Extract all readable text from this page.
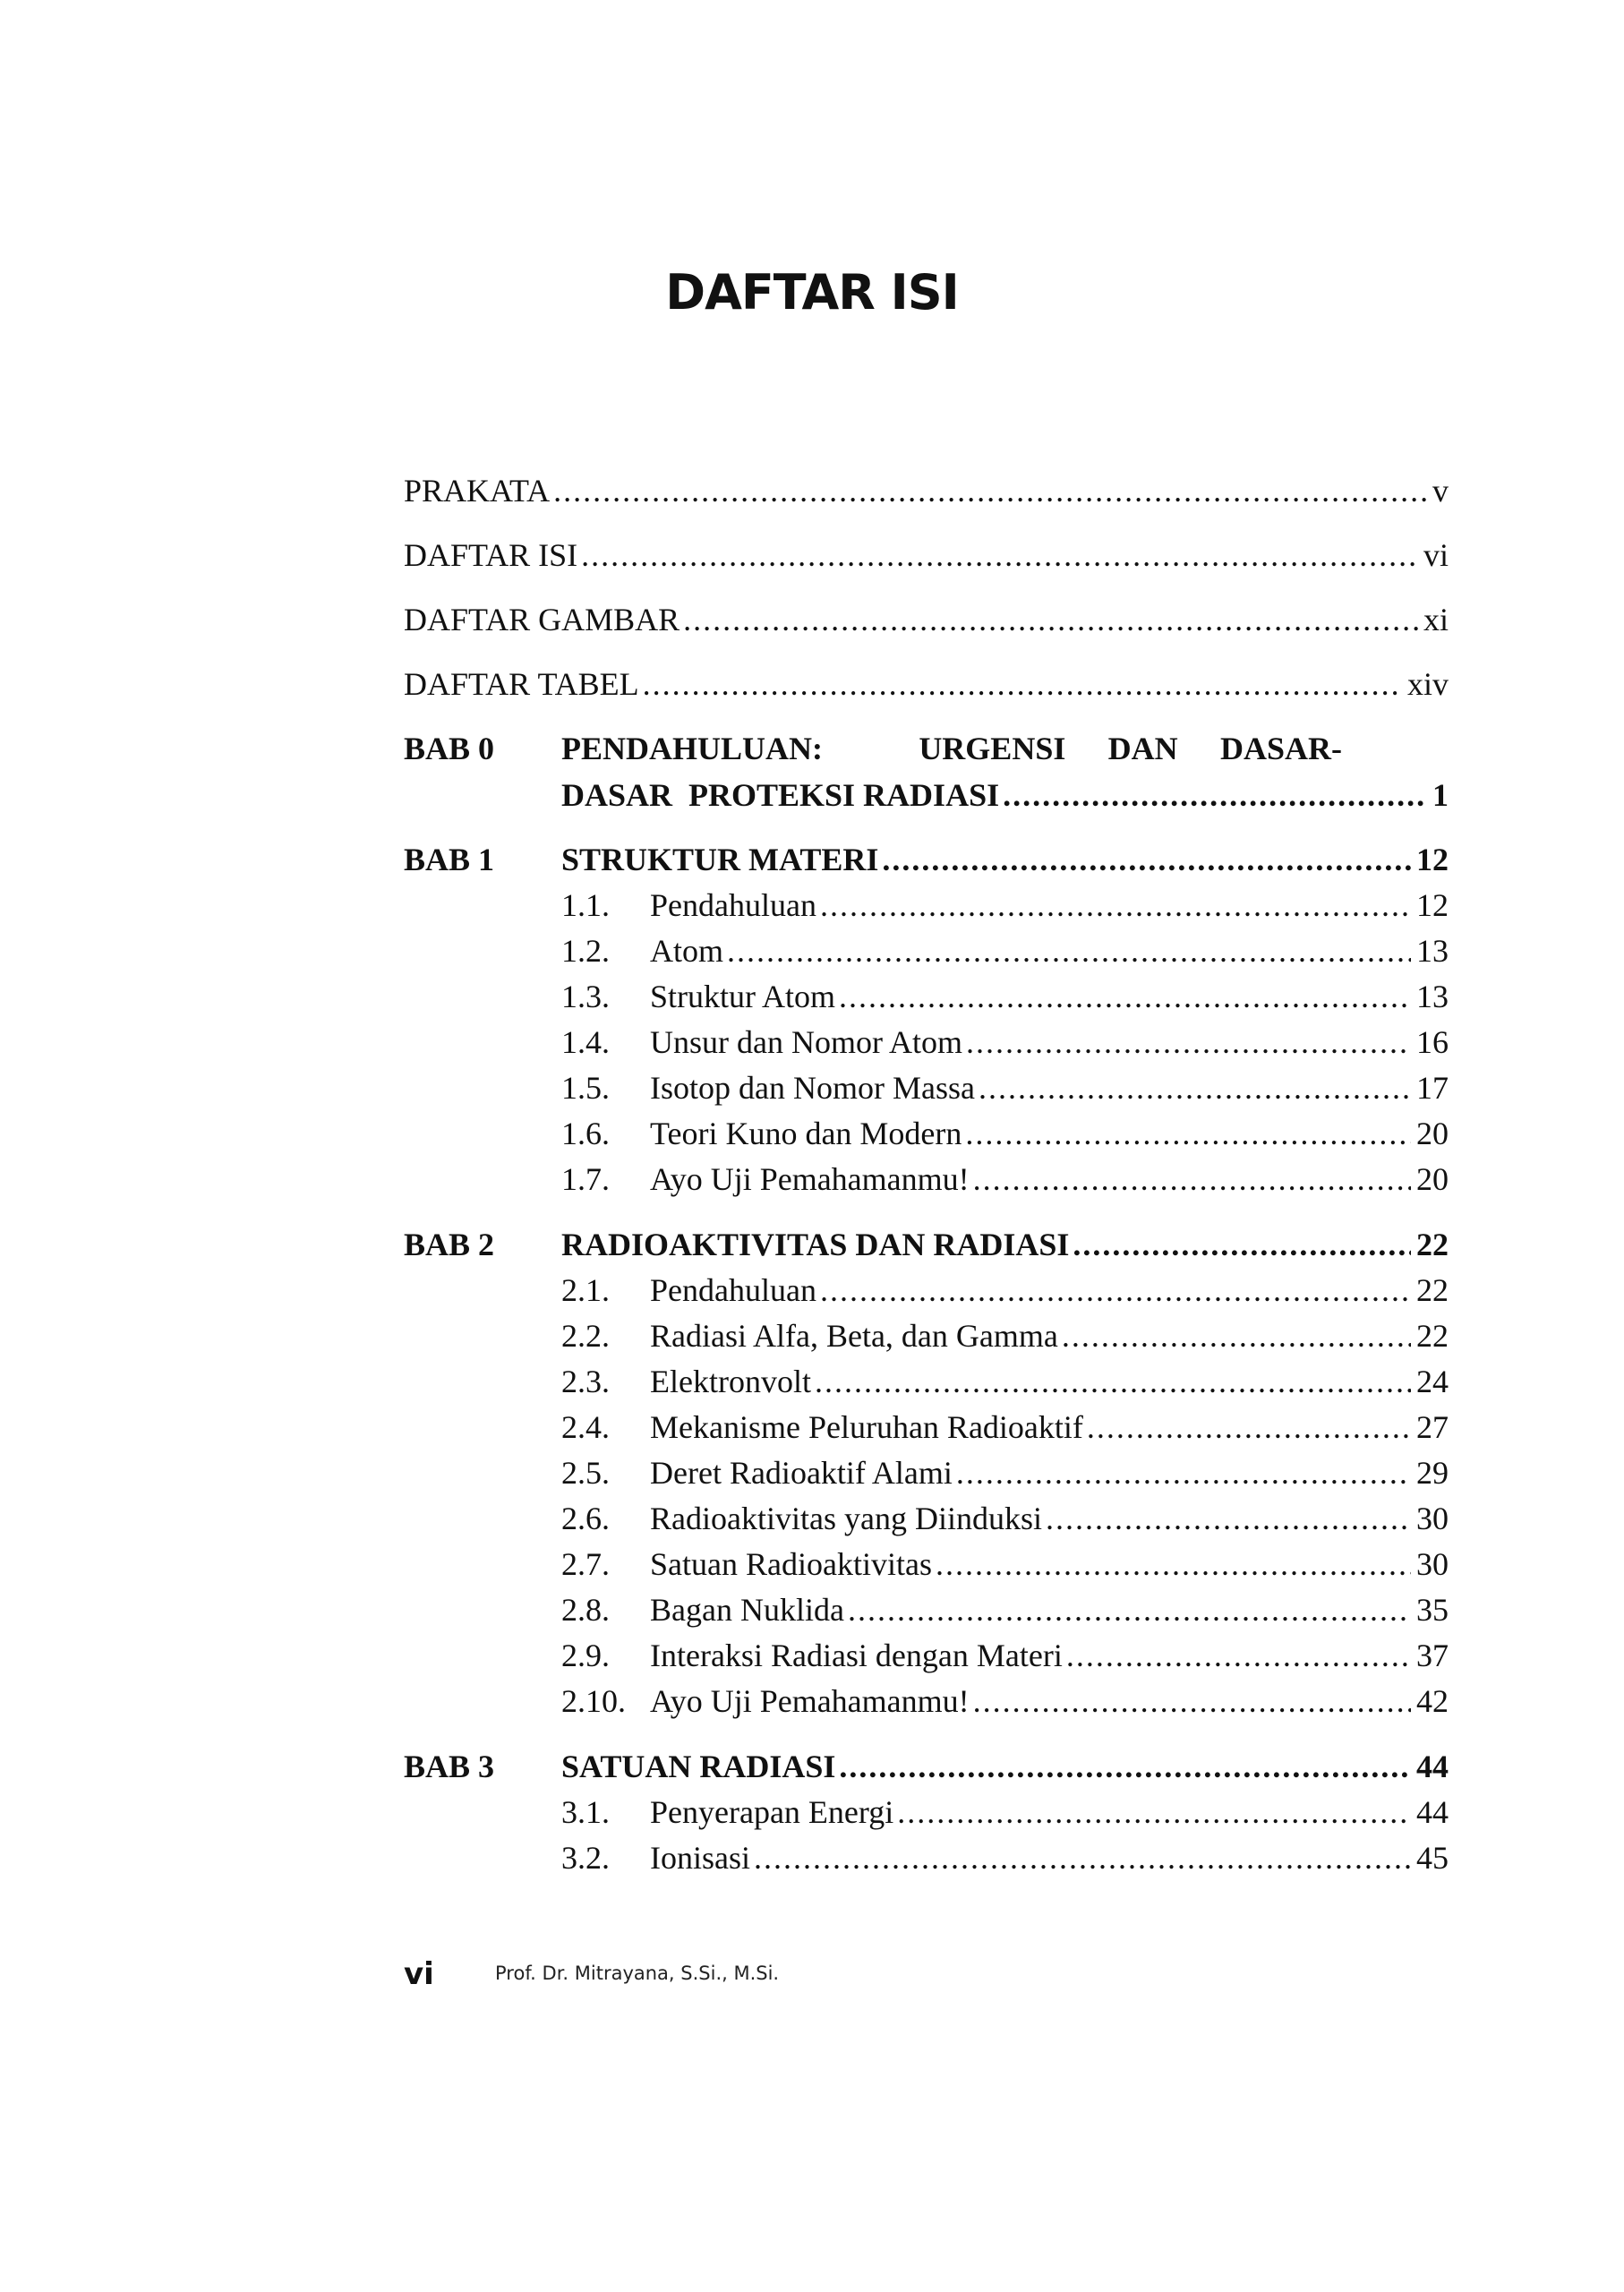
DAFTAR ISI
PRAKATA .....	v
DAFTAR ISI .....	vi
DAFTAR GAMBAR .....	xi
DAFTAR TABEL .....	xiv
BAB 0 PENDAHULUAN:	URGENSI DAN DASAR-
DASAR  PROTEKSI RADIASI .....	1
BAB 1 STRUKTUR MATERI .....	12
1.1. Pendahuluan .....	12
1.2. Atom .....	13
1.3. Struktur Atom .....	13
1.4. Unsur dan Nomor Atom .....	16
1.5. Isotop dan Nomor Massa .....	17
1.6. Teori Kuno dan Modern .....	20
1.7. Ayo Uji Pemahamanmu! .....	20
BAB 2 RADIOAKTIVITAS DAN RADIASI .....	22
2.1. Pendahuluan .....	22
2.2. Radiasi Alfa, Beta, dan Gamma .....	22
2.3. Elektronvolt .....	24
2.4. Mekanisme Peluruhan Radioaktif .....	27
2.5. Deret Radioaktif Alami .....	29
2.6. Radioaktivitas yang Diinduksi .....	30
2.7. Satuan Radioaktivitas .....	30
2.8. Bagan Nuklida .....	35
2.9. Interaksi Radiasi dengan Materi .....	37
2.10. Ayo Uji Pemahamanmu! .....	42
BAB 3 SATUAN RADIASI .....	44
3.1. Penyerapan Energi .....	44
3.2. Ionisasi .....	45
vi	Prof. Dr. Mitrayana, S.Si., M.Si.
